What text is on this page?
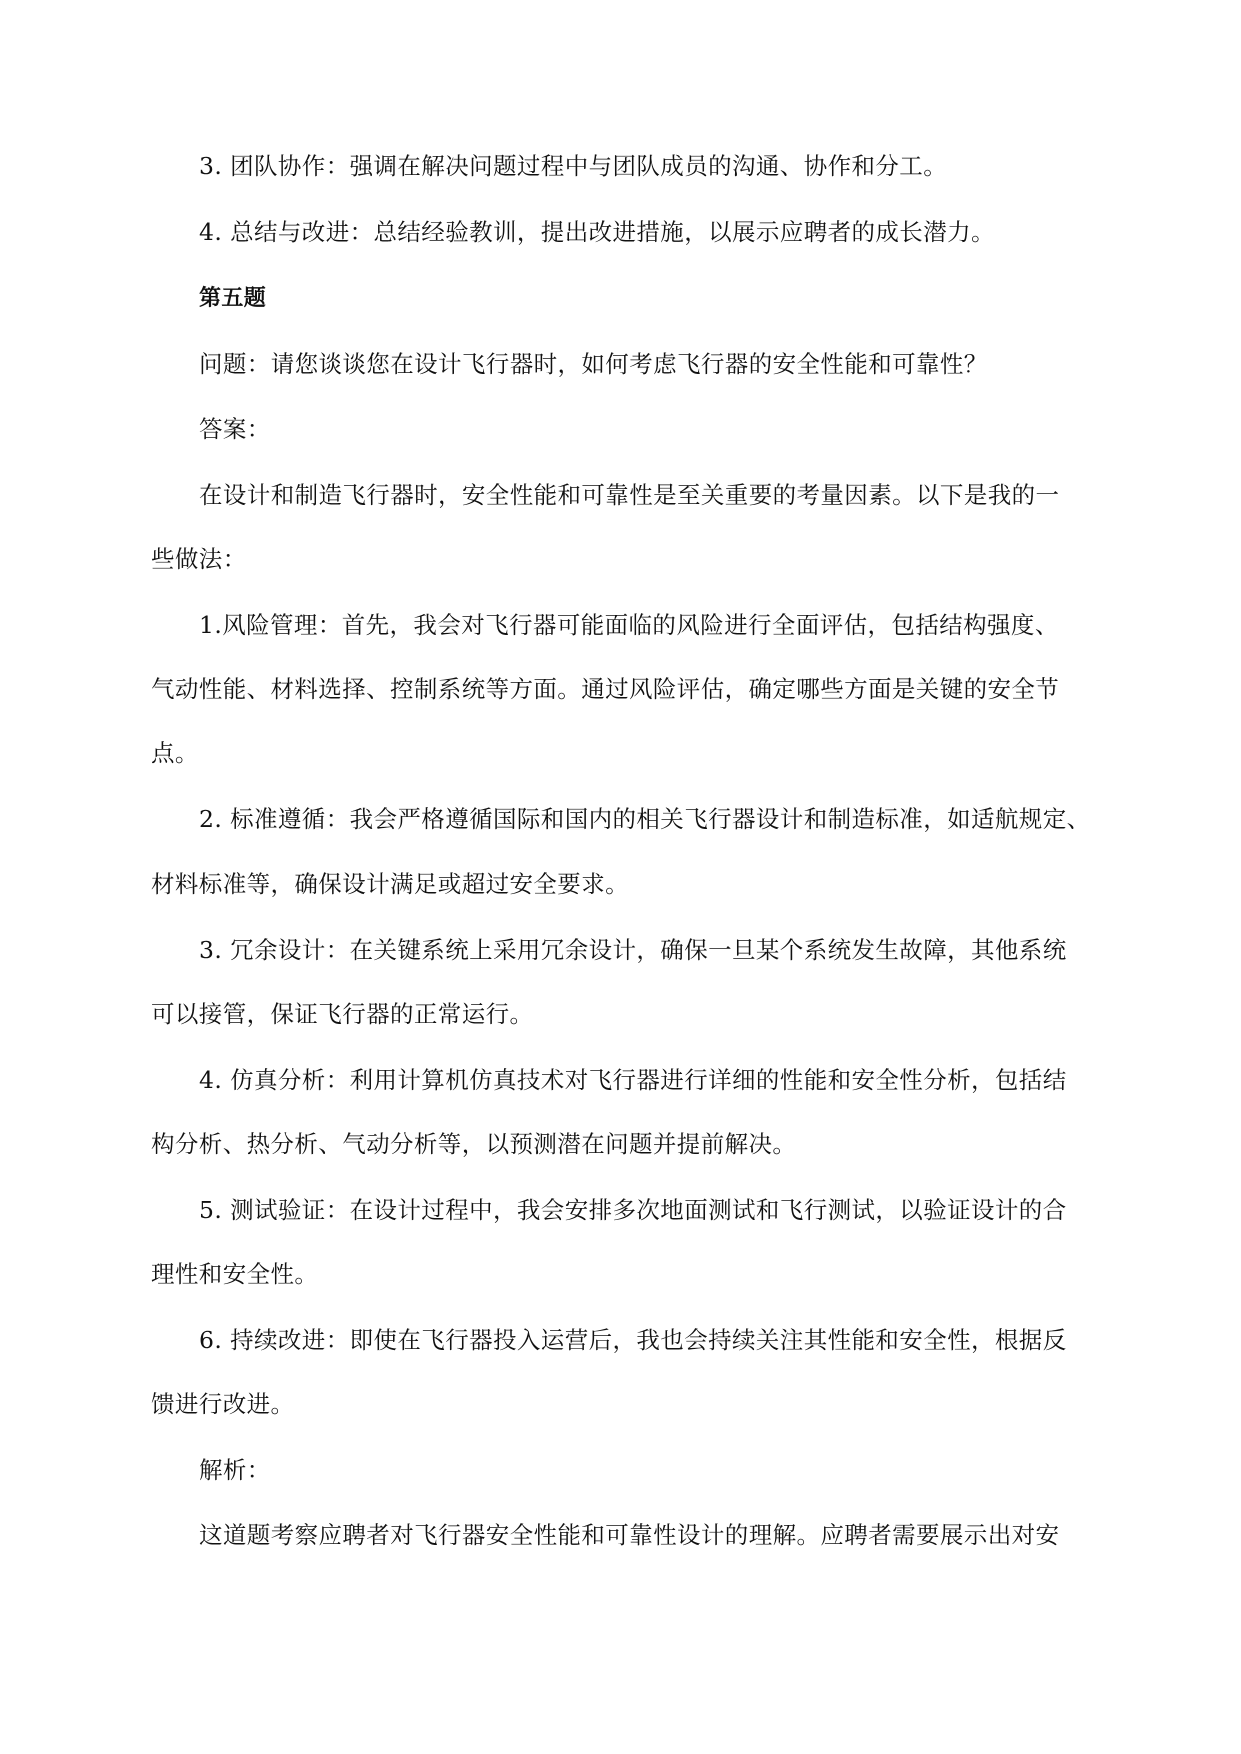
3. 团队协作：强调在解决问题过程中与团队成员的沟通、协作和分工。
4. 总结与改进：总结经验教训，提出改进措施，以展示应聘者的成长潜力。
第五题
问题：请您谈谈您在设计飞行器时，如何考虑飞行器的安全性能和可靠性？
答案：
在设计和制造飞行器时，安全性能和可靠性是至关重要的考量因素。以下是我的一
些做法：
1.风险管理：首先，我会对飞行器可能面临的风险进行全面评估，包括结构强度、
气动性能、材料选择、控制系统等方面。通过风险评估，确定哪些方面是关键的安全节
点。
2. 标准遵循：我会严格遵循国际和国内的相关飞行器设计和制造标准，如适航规定、
材料标准等，确保设计满足或超过安全要求。
3. 冗余设计：在关键系统上采用冗余设计，确保一旦某个系统发生故障，其他系统
可以接管，保证飞行器的正常运行。
4. 仿真分析：利用计算机仿真技术对飞行器进行详细的性能和安全性分析，包括结
构分析、热分析、气动分析等，以预测潜在问题并提前解决。
5. 测试验证：在设计过程中，我会安排多次地面测试和飞行测试，以验证设计的合
理性和安全性。
6. 持续改进：即使在飞行器投入运营后，我也会持续关注其性能和安全性，根据反
馈进行改进。
解析：
这道题考察应聘者对飞行器安全性能和可靠性设计的理解。应聘者需要展示出对安
